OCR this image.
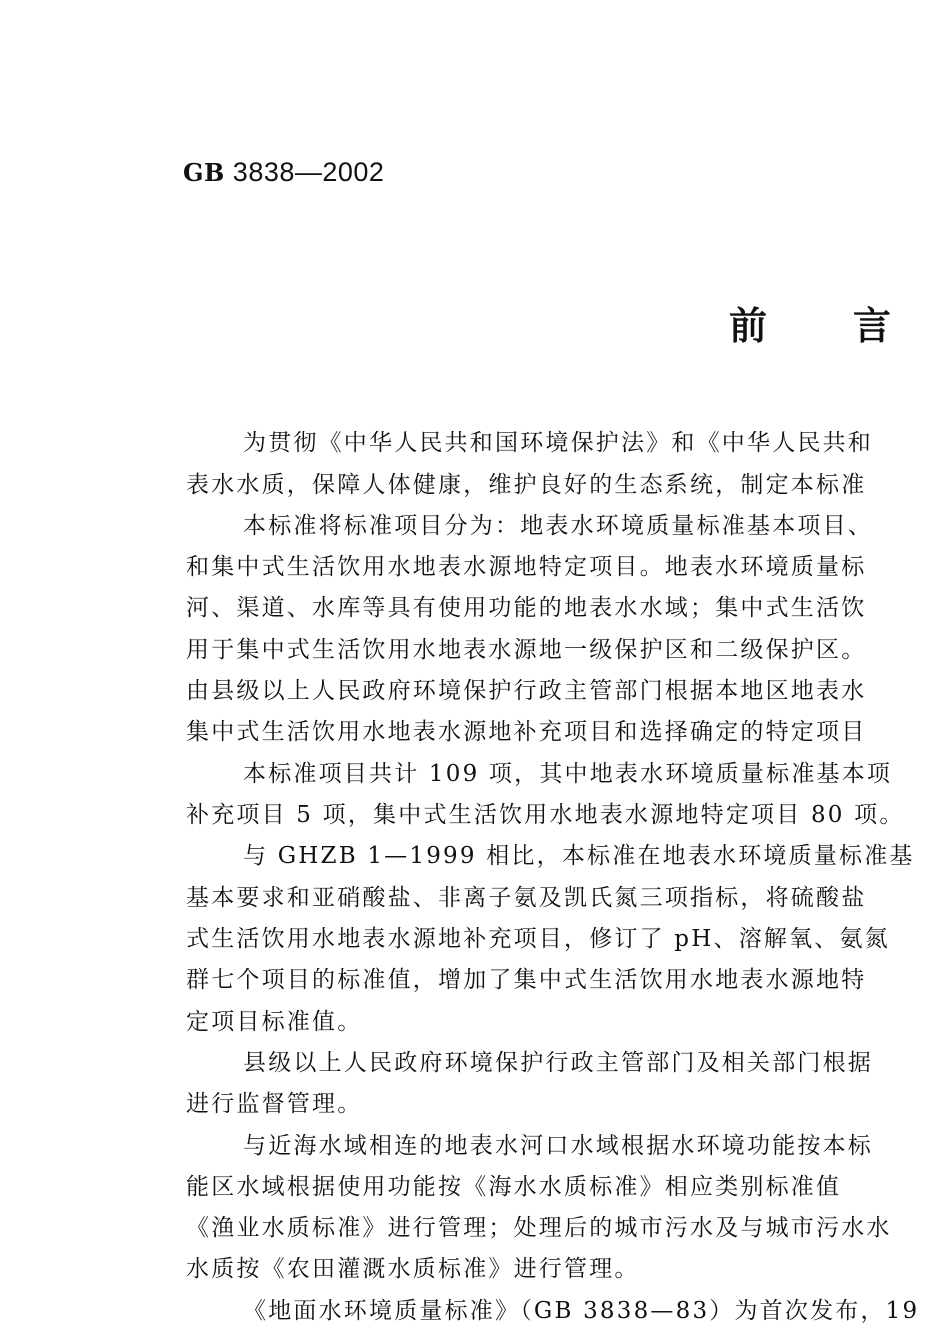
GB 3838—2002
前 言
为贯彻《中华人民共和国环境保护法》和《中华人民共和
表水水质，保障人体健康，维护良好的生态系统，制定本标准
本标准将标准项目分为：地表水环境质量标准基本项目、
和集中式生活饮用水地表水源地特定项目。地表水环境质量标
河、渠道、水库等具有使用功能的地表水水域；集中式生活饮
用于集中式生活饮用水地表水源地一级保护区和二级保护区。
由县级以上人民政府环境保护行政主管部门根据本地区地表水
集中式生活饮用水地表水源地补充项目和选择确定的特定项目
本标准项目共计 109 项，其中地表水环境质量标准基本项
补充项目 5 项，集中式生活饮用水地表水源地特定项目 80 项。
与 GHZB 1—1999 相比，本标准在地表水环境质量标准基
基本要求和亚硝酸盐、非离子氨及凯氏氮三项指标，将硫酸盐
式生活饮用水地表水源地补充项目，修订了 pH、溶解氧、氨氮
群七个项目的标准值，增加了集中式生活饮用水地表水源地特
定项目标准值。
县级以上人民政府环境保护行政主管部门及相关部门根据
进行监督管理。
与近海水域相连的地表水河口水域根据水环境功能按本标
能区水域根据使用功能按《海水水质标准》相应类别标准值
《渔业水质标准》进行管理；处理后的城市污水及与城市污水水
水质按《农田灌溉水质标准》进行管理。
《地面水环境质量标准》（GB 3838—83）为首次发布，19
